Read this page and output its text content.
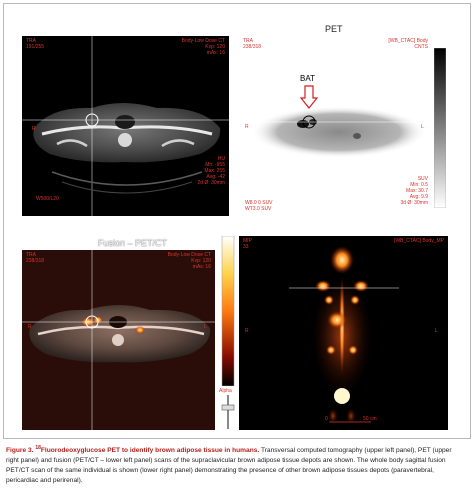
CT
TRA
191/255
Body-Low Dose CT
Kvp: 120
mAs: 16
R
HU
Mn: -955
Max: 255
Avg: -42
2d Ø: 30mm
W500/L20
PET
BAT
TRA
238/318
[WB_CTAC] Body
CNTS
R	L
SUV
Min: 0.5
Max: 30.7
Avg: 9.9
3d Ø: 30mm
W8.0 0 SUV
WT3.0 SUV
Fusion – PET/CT
TRA
238/318
Body-Low Dose CT
Kvp: 120
mAs: 16
R	L
Alpha
MIP
33
[WB_CTAC] Body_MP
R	L
0	50 cm
Figure 3. $^{18}$Fluorodeoxyglucose PET to identify brown adipose tissue in humans. Transversal computed tomography (upper left panel), PET (upper right panel) and fusion (PET/CT – lower left panel) scans of the supraclavicular brown adipose tissue depots are shown. The whole body sagittal fusion PET/CT scan of the same individual is shown (lower right panel) demonstrating the presence of other brown adipose tissues depots (paravertebral, pericardiac and perirenal).
